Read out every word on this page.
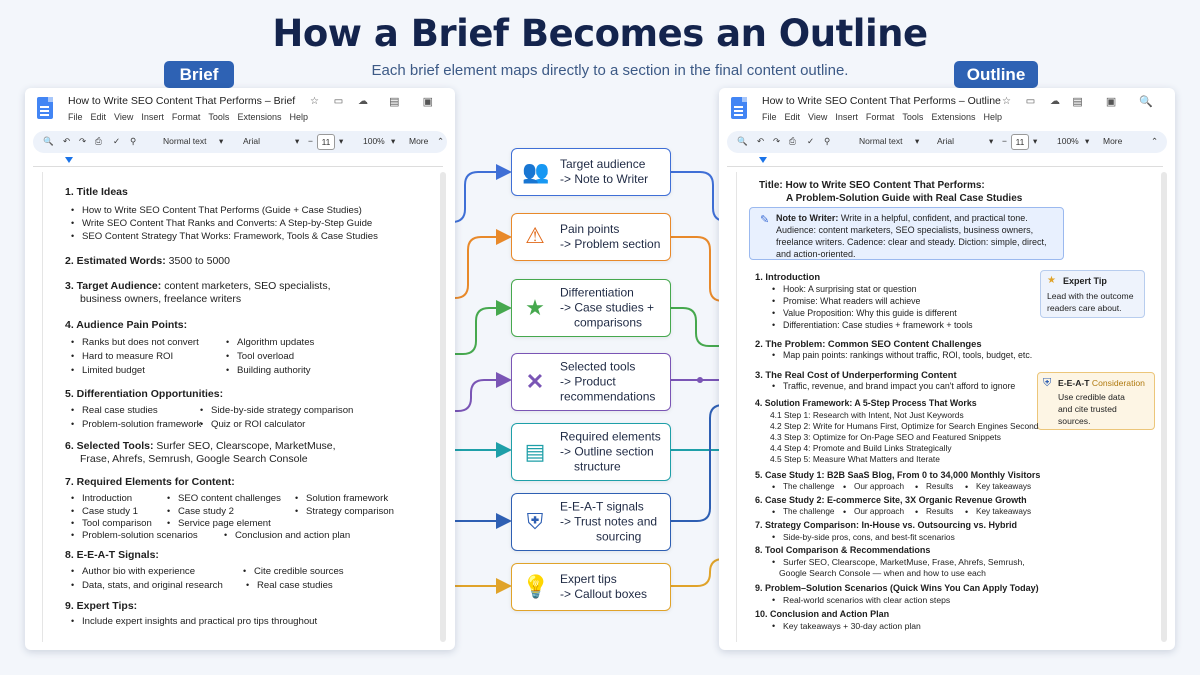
How a Brief Becomes an Outline
Each brief element maps directly to a section in the final content outline.
Brief	Outline
How to Write SEO Content That Performs – Brief ☆ ▭ ☁ ▤ ▣
File Edit View Insert Format Tools Extensions Help
🔍 ↶ ↷ ⎙ ✓ ⚲	Normal text ▾ Arial	▾ −	11	▾ 100% ▾ More ⌃
1. Title Ideas
• How to Write SEO Content That Performs (Guide + Case Studies)
• Write SEO Content That Ranks and Converts: A Step-by-Step Guide
• SEO Content Strategy That Works: Framework, Tools & Case Studies
2. Estimated Words: 3500 to 5000
3. Target Audience: content marketers, SEO specialists,
business owners, freelance writers
4. Audience Pain Points:
• Ranks but does not convert	• Algorithm updates
• Hard to measure ROI	• Tool overload
• Limited budget	• Building authority
5. Differentiation Opportunities:
• Real case studies	• Side-by-side strategy comparison
• Problem-solution framework • Quiz or ROI calculator
6. Selected Tools: Surfer SEO, Clearscope, MarketMuse,
Frase, Ahrefs, Semrush, Google Search Console
7. Required Elements for Content:
• Introduction	• SEO content challenges	• Solution framework
• Case study 1	• Case study 2	• Strategy comparison
• Tool comparison	• Service page element
• Problem-solution scenarios	• Conclusion and action plan
8. E-E-A-T Signals:
• Author bio with experience	• Cite credible sources
• Data, stats, and original research	• Real case studies
9. Expert Tips:
• Include expert insights and practical pro tips throughout
👥 Target audience
-> Note to Writer
⚠ Pain points
-> Problem section
★
Differentiation
-> Case studies +
comparisons
✕
Selected tools
-> Product
recommendations
▤
Required elements
-> Outline section
structure
⛨
E-E-A-T signals
-> Trust notes and
sourcing
💡 Expert tips
-> Callout boxes
How to Write SEO Content That Performs – Outline ☆ ▭ ☁ ▤ ▣ 🔍
File Edit View Insert Format Tools Extensions Help
🔍 ↶ ↷ ⎙ ✓ ⚲	Normal text ▾ Arial	▾ −	11	▾ 100% ▾ More	⌃
Title: How to Write SEO Content That Performs:
A Problem-Solution Guide with Real Case Studies
✎ Note to Writer: Write in a helpful, confident, and practical tone.
Audience: content marketers, SEO specialists, business owners,
freelance writers. Cadence: clear and steady. Diction: simple, direct,
and action-oriented.
★ Expert Tip
Lead with the outcome
readers care about.
⛨ E-E-A-T Consideration
Use credible data
and cite trusted
sources.
1. Introduction
• Hook: A surprising stat or question
• Promise: What readers will achieve
• Value Proposition: Why this guide is different
• Differentiation: Case studies + framework + tools
2. The Problem: Common SEO Content Challenges
• Map pain points: rankings without traffic, ROI, tools, budget, etc.
3. The Real Cost of Underperforming Content
• Traffic, revenue, and brand impact you can't afford to ignore
4. Solution Framework: A 5-Step Process That Works
4.1 Step 1: Research with Intent, Not Just Keywords
4.2 Step 2: Write for Humans First, Optimize for Search Engines Second
4.3 Step 3: Optimize for On-Page SEO and Featured Snippets
4.4 Step 4: Promote and Build Links Strategically
4.5 Step 5: Measure What Matters and Iterate
5. Case Study 1: B2B SaaS Blog, From 0 to 34,000 Monthly Visitors
• The challenge • Our approach	• Results	• Key takeaways
6. Case Study 2: E-commerce Site, 3X Organic Revenue Growth
• The challenge • Our approach	• Results	• Key takeaways
7. Strategy Comparison: In-House vs. Outsourcing vs. Hybrid
• Side-by-side pros, cons, and best-fit scenarios
8. Tool Comparison & Recommendations
• Surfer SEO, Clearscope, MarketMuse, Frase, Ahrefs, Semrush,
Google Search Console — when and how to use each
9. Problem–Solution Scenarios (Quick Wins You Can Apply Today)
• Real-world scenarios with clear action steps
10. Conclusion and Action Plan
• Key takeaways + 30-day action plan
